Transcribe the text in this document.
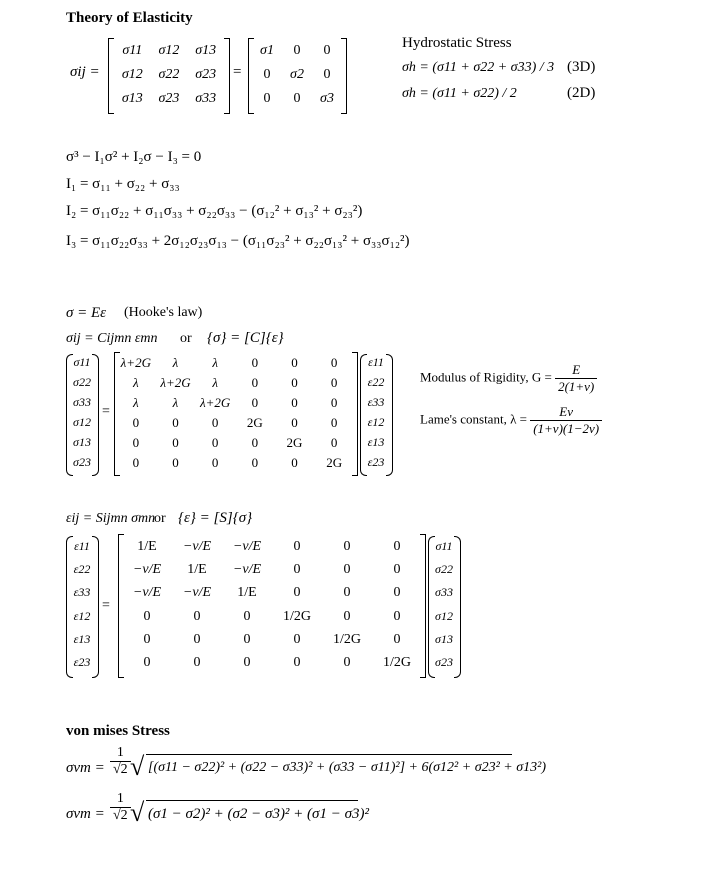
Theory of Elasticity
σij =
σ11	σ12	σ13
σ12	σ22	σ23
σ13	σ23	σ33
=
σ1	0	0
0	σ2	0
0	0	σ3
Hydrostatic Stress
σh = (σ11 + σ22 + σ33) / 3 (3D)
σh = (σ11 + σ22) / 2	(2D)
σ³ − I₁σ² + I₂σ − I₃ = 0
I₁ = σ₁₁ + σ₂₂ + σ₃₃
I₂ = σ₁₁σ₂₂ + σ₁₁σ₃₃ + σ₂₂σ₃₃ − (σ₁₂² + σ₁₃² + σ₂₃²)
I₃ = σ₁₁σ₂₂σ₃₃ + 2σ₁₂σ₂₃σ₁₃ − (σ₁₁σ₂₃² + σ₂₂σ₁₃² + σ₃₃σ₁₂²)
σ = Eε (Hooke's law)
σij = Cijmn εmn or {σ} = [C]{ε}
σ11
σ22
σ33
σ12
σ13
σ23
=
λ+2G	λ	λ	0	0	0
λ	λ+2G	λ	0	0	0
λ	λ	λ+2G	0	0	0
0	0	0	2G	0	0
0	0	0	0	2G	0
0	0	0	0	0	2G
ε11
ε22
ε33
ε12
ε13
ε23
Modulus of Rigidity, $G = \frac{E}{2(1+\nu)}$
Lame's constant, $\lambda = \frac{E\nu}{(1+\nu)(1-2\nu)}$
εij = Sijmn σmn
or {ε} = [S]{σ}
ε11
ε22
ε33
ε12
ε13
ε23
=
1/E	−ν/E	−ν/E	0	0	0
−ν/E	1/E	−ν/E	0	0	0
−ν/E	−ν/E	1/E	0	0	0
0	0	0	1/2G	0	0
0	0	0	0	1/2G	0
0	0	0	0	0	1/2G
σ11
σ22
σ33
σ12
σ13
σ23
von mises Stress
$\sigma vm = \frac{1}{√2}$ √ [(σ11 − σ22)² + (σ22 − σ33)² + (σ33 − σ11)²] + 6(σ12² + σ23² + σ13²)
$\sigma vm = \frac{1}{√2}$ √ (σ1 − σ2)² + (σ2 − σ3)² + (σ1 − σ3)²
